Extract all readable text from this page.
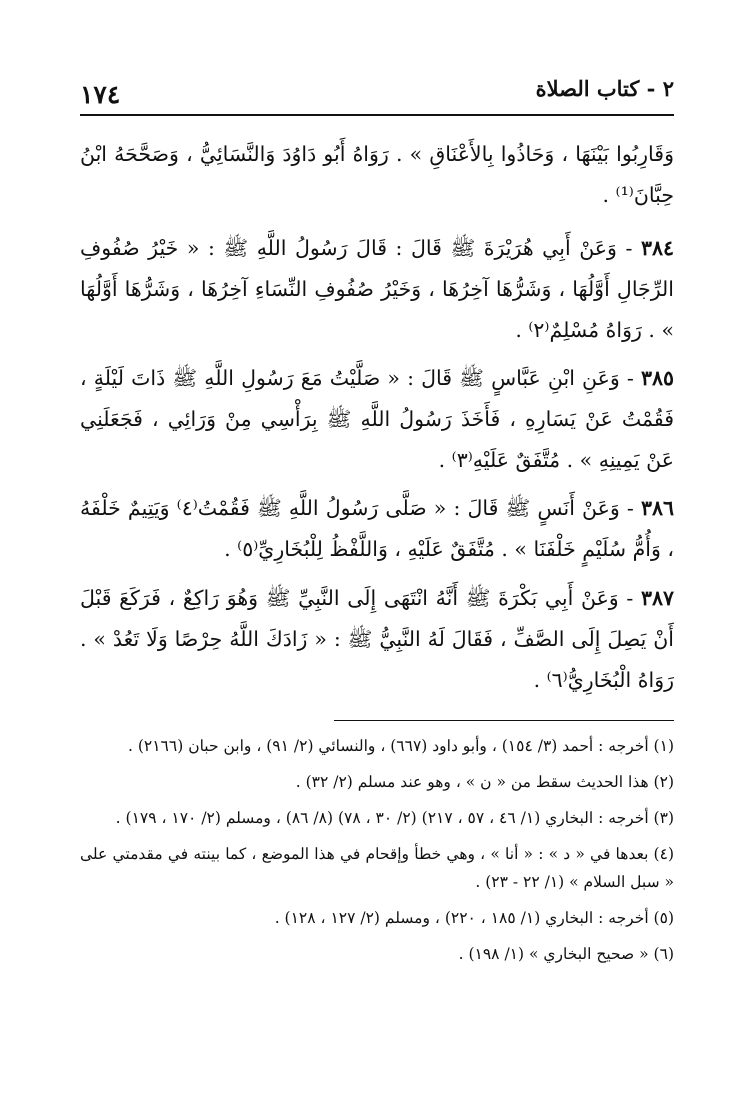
٢ - كتاب الصلاة
١٧٤

وَقَارِبُوا بَيْنَهَا ، وَحَاذُوا بِالأَعْنَاقِ » . رَوَاهُ أَبُو دَاوُدَ وَالنَّسَائِيُّ ، وَصَحَّحَهُ ابْنُ حِبَّانَ⁽¹⁾ .

٣٨٤ - وَعَنْ أَبِي هُرَيْرَةَ ﷺ قَالَ : قَالَ رَسُولُ اللَّهِ ﷺ : « خَيْرُ صُفُوفِ الرِّجَالِ أَوَّلُهَا ، وَشَرُّهَا آخِرُهَا ، وَخَيْرُ صُفُوفِ النِّسَاءِ آخِرُهَا ، وَشَرُّهَا أَوَّلُهَا » . رَوَاهُ مُسْلِمٌ⁽٢⁾ .

٣٨٥ - وَعَنِ ابْنِ عَبَّاسٍ ﷺ قَالَ : « صَلَّيْتُ مَعَ رَسُولِ اللَّهِ ﷺ ذَاتَ لَيْلَةٍ ، فَقُمْتُ عَنْ يَسَارِهِ ، فَأَخَذَ رَسُولُ اللَّهِ ﷺ بِرَأْسِي مِنْ وَرَائِي ، فَجَعَلَنِي عَنْ يَمِينِهِ » . مُتَّفَقٌ عَلَيْهِ⁽٣⁾ .

٣٨٦ - وَعَنْ أَنَسٍ ﷺ قَالَ : « صَلَّى رَسُولُ اللَّهِ ﷺ فَقُمْتُ⁽٤⁾ وَيَتِيمٌ خَلْفَهُ ، وَأُمُّ سُلَيْمٍ خَلْفَنَا » . مُتَّفَقٌ عَلَيْهِ ، وَاللَّفْظُ لِلْبُخَارِيِّ⁽٥⁾ .

٣٨٧ - وَعَنْ أَبِي بَكْرَةَ ﷺ أَنَّهُ انْتَهَى إِلَى النَّبِيِّ ﷺ وَهُوَ رَاكِعٌ ، فَرَكَعَ قَبْلَ أَنْ يَصِلَ إِلَى الصَّفِّ ، فَقَالَ لَهُ النَّبِيُّ ﷺ : « زَادَكَ اللَّهُ حِرْصًا وَلَا تَعُدْ » . رَوَاهُ الْبُخَارِيُّ⁽٦⁾ .

(١) أخرجه : أحمد (٣/ ١٥٤) ، وأبو داود (٦٦٧) ، والنسائي (٢/ ٩١) ، وابن حبان (٢١٦٦) .

(٢) هذا الحديث سقط من « ن » ، وهو عند مسلم (٢/ ٣٢) .

(٣) أخرجه : البخاري (١/ ٤٦ ، ٥٧ ، ٢١٧) (٢/ ٣٠ ، ٧٨) (٨/ ٨٦) ، ومسلم (٢/ ١٧٠ ، ١٧٩) .

(٤) بعدها في « د » : « أنا » ، وهي خطأ وإقحام في هذا الموضع ، كما بينته في مقدمتي على « سبل السلام » (١/ ٢٢ - ٢٣) .

(٥) أخرجه : البخاري (١/ ١٨٥ ، ٢٢٠) ، ومسلم (٢/ ١٢٧ ، ١٢٨) .

(٦) « صحيح البخاري » (١/ ١٩٨) .
